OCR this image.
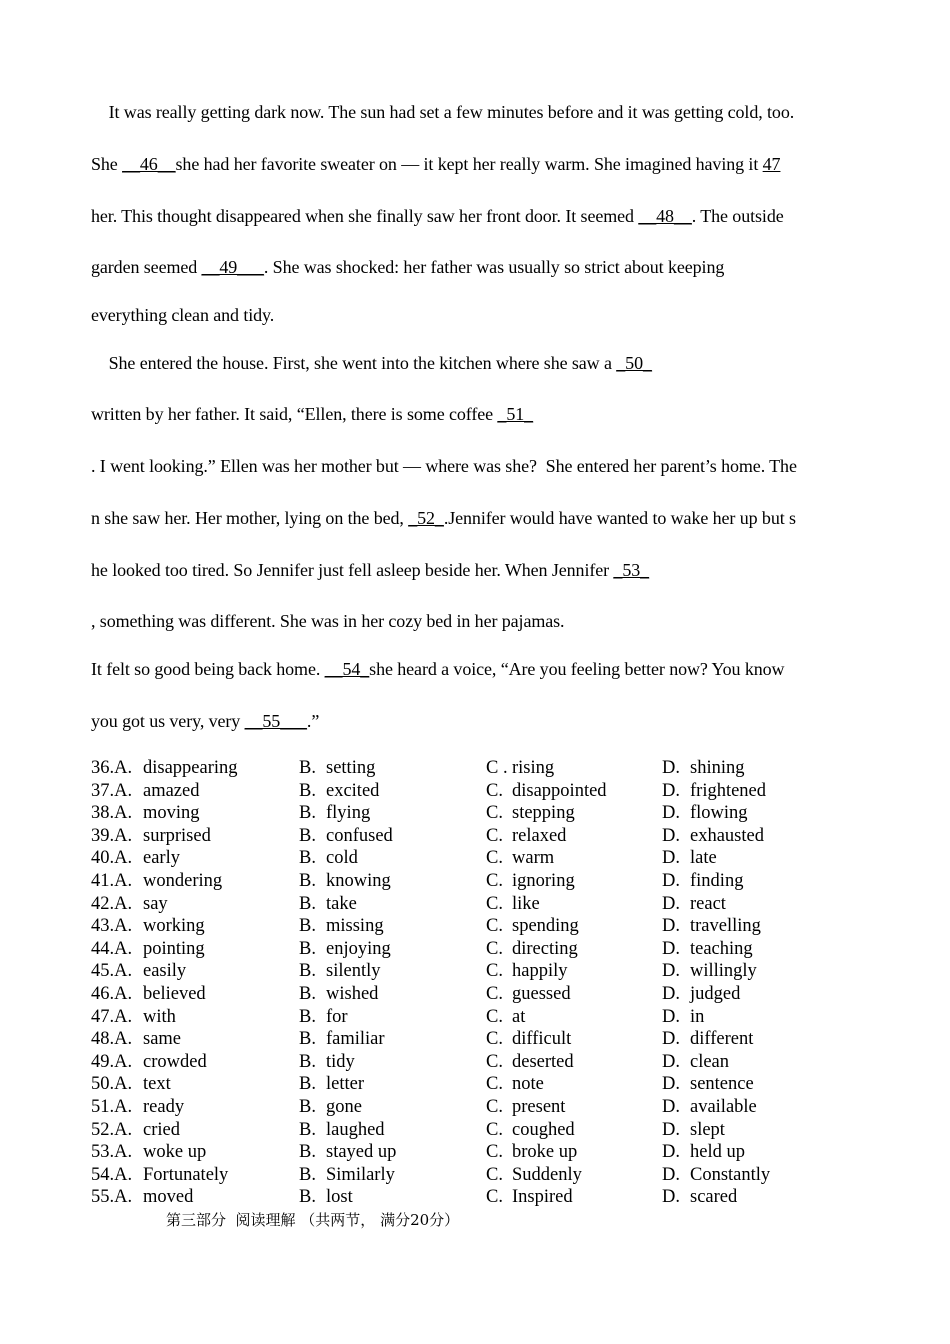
It was really getting dark now. The sun had set a few minutes before and it was getting cold, too.
She __46__she had her favorite sweater on — it kept her really warm. She imagined having it 47
her. This thought disappeared when she finally saw her front door. It seemed __48__. The outside
garden seemed __49___. She was shocked: her father was usually so strict about keeping
everything clean and tidy.
She entered the house. First, she went into the kitchen where she saw a _50_
written by her father. It said, “Ellen, there is some coffee _51_
. I went looking.” Ellen was her mother but — where was she?  She entered her parent’s home. The
n she saw her. Her mother, lying on the bed, _52_.Jennifer would have wanted to wake her up but s
he looked too tired. So Jennifer just fell asleep beside her. When Jennifer _53_
, something was different. She was in her cozy bed in her pajamas.
It felt so good being back home. __54_she heard a voice, “Are you feeling better now? You know
you got us very, very __55___.”
36.A. disappearing	B. setting	C . rising	D. shining
37.A. amazed	B. excited	C. disappointed	D. frightened
38.A. moving	B. flying	C. stepping	D. flowing
39.A. surprised	B. confused	C. relaxed	D. exhausted
40.A. early	B. cold	C. warm	D. late
41.A. wondering	B. knowing	C. ignoring	D. finding
42.A. say	B. take	C. like	D. react
43.A. working	B. missing	C. spending	D. travelling
44.A. pointing	B. enjoying	C. directing	D. teaching
45.A. easily	B. silently	C. happily	D. willingly
46.A. believed	B. wished	C. guessed	D. judged
47.A. with	B. for	C. at	D. in
48.A. same	B. familiar	C. difficult	D. different
49.A. crowded	B. tidy	C. deserted	D. clean
50.A. text	B. letter	C. note	D. sentence
51.A. ready	B. gone	C. present	D. available
52.A. cried	B. laughed	C. coughed	D. slept
53.A. woke up	B. stayed up	C. broke up	D. held up
54.A. Fortunately	B. Similarly	C. Suddenly	D. Constantly
55.A. moved	B. lost	C. Inspired	D. scared
第三部分  阅读理解 （共两节， 满分20分）
